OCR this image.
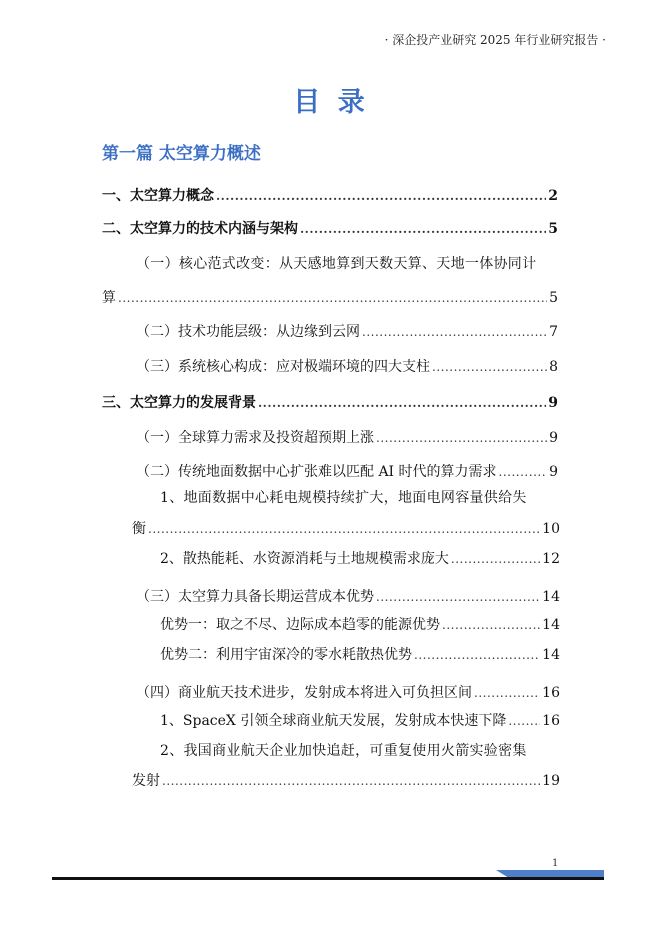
· 深企投产业研究 2025 年行业研究报告 ·
目 录
第一篇 太空算力概述
一、太空算力概念 .....	2
二、太空算力的技术内涵与架构 .....	5
（一）核心范式改变：从天感地算到天数天算、天地一体协同计
算 .....	5
（二）技术功能层级：从边缘到云网 .....	7
（三）系统核心构成：应对极端环境的四大支柱 .....	8
三、太空算力的发展背景 .....	9
（一）全球算力需求及投资超预期上涨 .....	9
（二）传统地面数据中心扩张难以匹配 AI 时代的算力需求 .....	9
1、地面数据中心耗电规模持续扩大，地面电网容量供给失
衡 .....	10
2、散热能耗、水资源消耗与土地规模需求庞大 .....	12
（三）太空算力具备长期运营成本优势 .....	14
优势一：取之不尽、边际成本趋零的能源优势 .....	14
优势二：利用宇宙深冷的零水耗散热优势 .....	14
（四）商业航天技术进步，发射成本将进入可负担区间 .....	16
1、SpaceX 引领全球商业航天发展，发射成本快速下降 .....	16
2、我国商业航天企业加快追赶，可重复使用火箭实验密集
发射 .....	19
1
